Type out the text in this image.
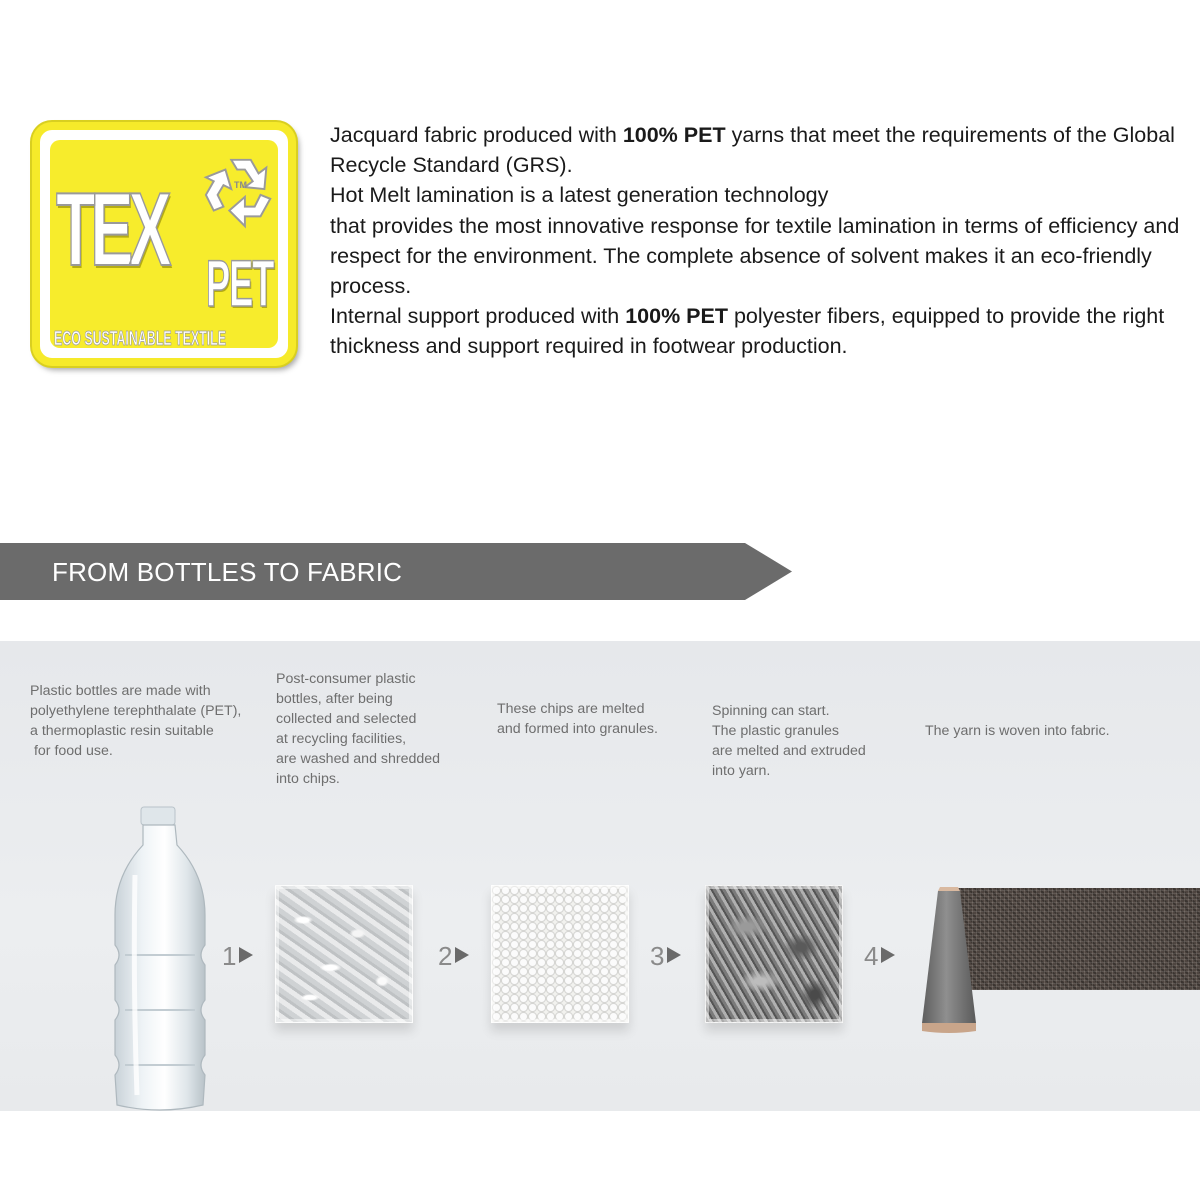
TM
TEX PET
ECO SUSTAINABLE TEXTILE

Jacquard fabric produced with 100% PET yarns that meet the requirements of the Global Recycle Standard (GRS).

Hot Melt lamination is a latest generation technology

that provides the most innovative response for textile lamination in terms of efficiency and respect for the environment. The complete absence of solvent makes it an eco-friendly process.

Internal support produced with 100% PET polyester fibers, equipped to provide the right thickness and support required in footwear production.

FROM BOTTLES TO FABRIC
Plastic bottles are made with
polyethylene terephthalate (PET),
a thermoplastic resin suitable
for food use.
Post-consumer plastic
bottles, after being
collected and selected
at recycling facilities,
are washed and shredded
into chips.
These chips are melted
and formed into granules.
Spinning can start.
The plastic granules
are melted and extruded
into yarn.
The yarn is woven into fabric.
1	2	3	4
